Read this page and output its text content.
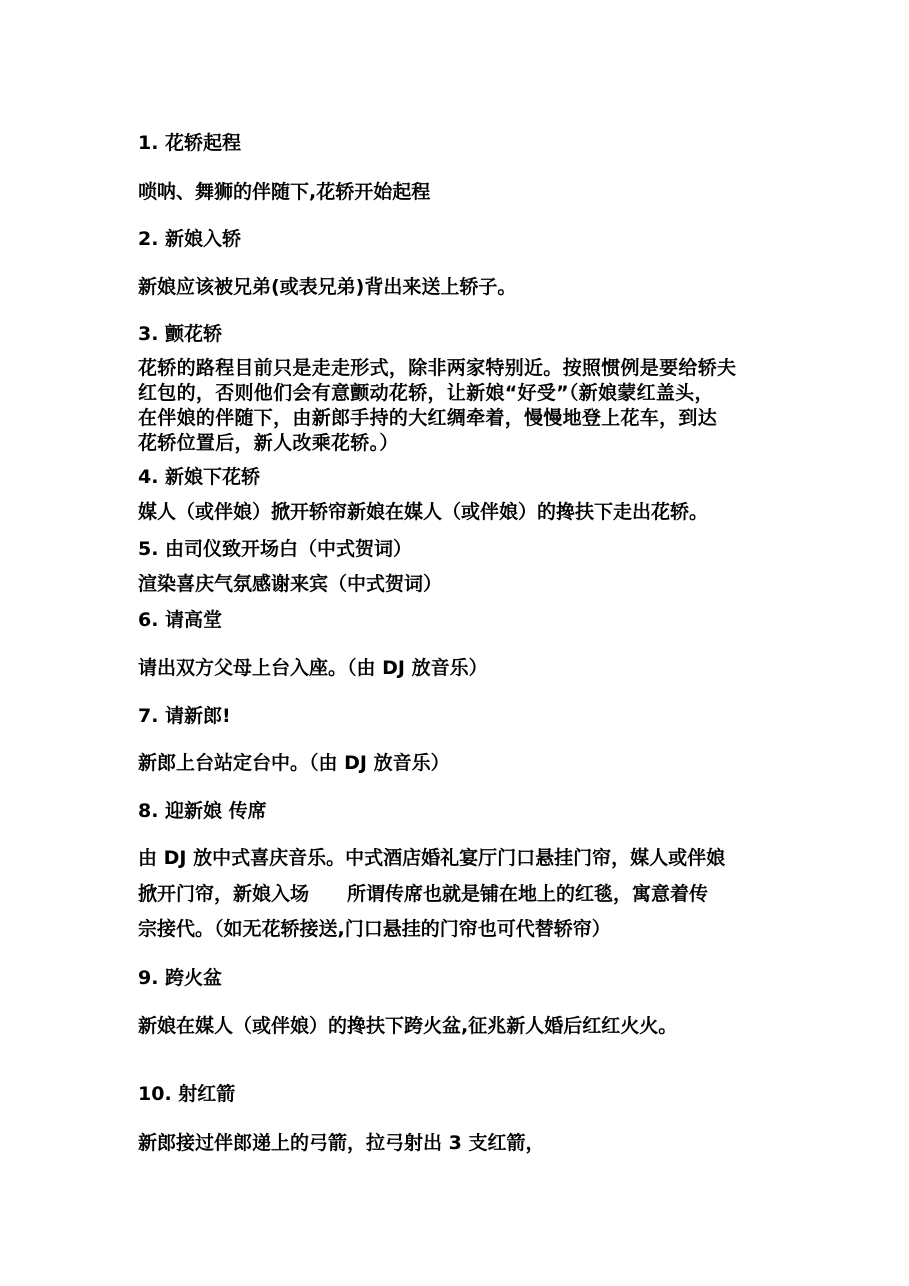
1. 花轿起程
唢呐、舞狮的伴随下,花轿开始起程
2. 新娘入轿
新娘应该被兄弟(或表兄弟)背出来送上轿子。
3. 颤花轿
花轿的路程目前只是走走形式，除非两家特别近。按照惯例是要给轿夫
红包的，否则他们会有意颤动花轿，让新娘“好受”（新娘蒙红盖头，
在伴娘的伴随下，由新郎手持的大红绸牵着，慢慢地登上花车，到达
花轿位置后，新人改乘花轿。）
4. 新娘下花轿
媒人（或伴娘）掀开轿帘新娘在媒人（或伴娘）的搀扶下走出花轿。
5. 由司仪致开场白（中式贺词）
渲染喜庆气氛感谢来宾（中式贺词）
6. 请高堂
请出双方父母上台入座。（由 DJ 放音乐）
7. 请新郎!
新郎上台站定台中。（由 DJ 放音乐）
8. 迎新娘 传席
由 DJ 放中式喜庆音乐。中式酒店婚礼宴厅门口悬挂门帘，媒人或伴娘
掀开门帘，新娘入场　　所谓传席也就是铺在地上的红毯，寓意着传
宗接代。（如无花轿接送,门口悬挂的门帘也可代替轿帘）
9. 跨火盆
新娘在媒人（或伴娘）的搀扶下跨火盆,征兆新人婚后红红火火。
10. 射红箭
新郎接过伴郎递上的弓箭，拉弓射出 3 支红箭，
